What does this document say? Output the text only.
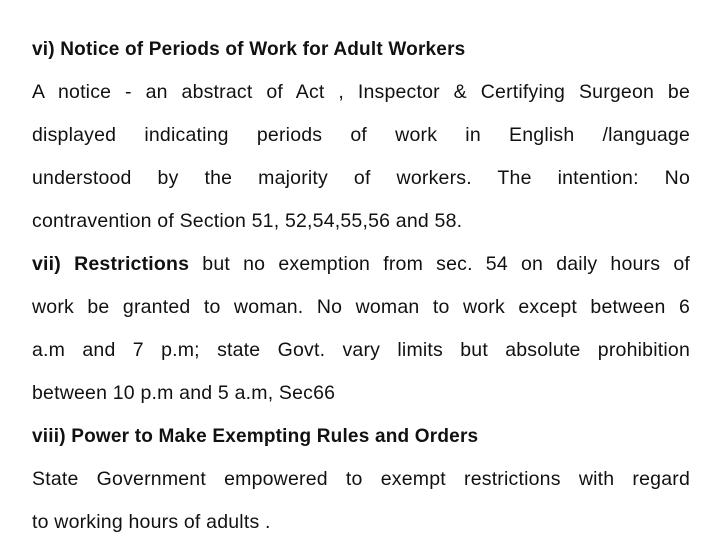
vi) Notice of Periods of Work for Adult Workers
A notice - an abstract of Act , Inspector & Certifying Surgeon be
displayed indicating periods of work in English /language
understood by the majority of workers. The intention: No
contravention of Section 51, 52,54,55,56 and 58.
vii) Restrictions but no exemption from sec. 54 on daily hours of
work be granted to woman. No woman to work except between 6
a.m and 7 p.m; state Govt. vary limits but absolute prohibition
between 10 p.m and 5 a.m, Sec66
viii) Power to Make Exempting Rules and Orders
State Government empowered to exempt restrictions with regard
to working hours of adults .
